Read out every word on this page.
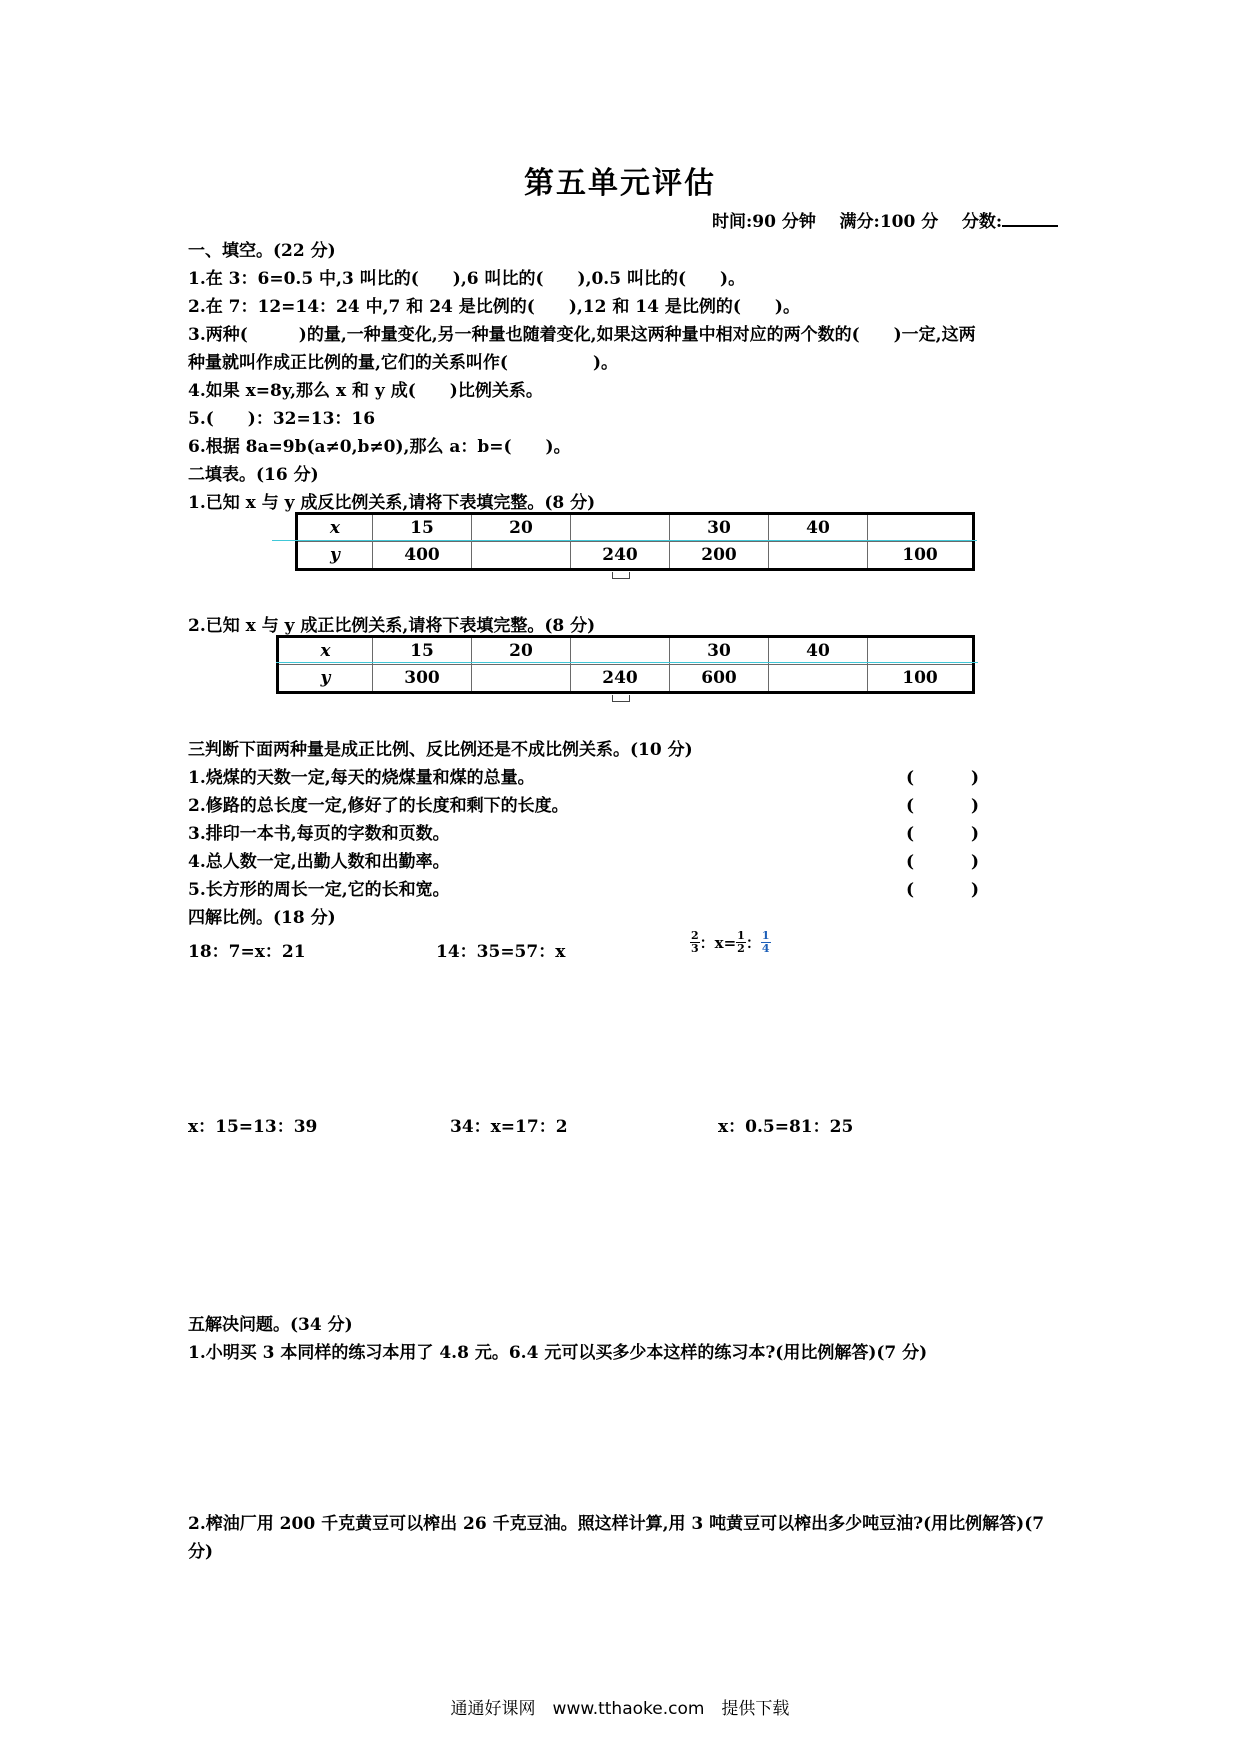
第五单元评估
时间:90 分钟 满分:100 分 分数:
一、填空。(22 分)
1.在 3：6=0.5 中,3 叫比的(　　),6 叫比的(　　),0.5 叫比的(　　)。
2.在 7：12=14：24 中,7 和 24 是比例的(　　),12 和 14 是比例的(　　)。
3.两种(　　　)的量,一种量变化,另一种量也随着变化,如果这两种量中相对应的两个数的(　　)一定,这两
种量就叫作成正比例的量,它们的关系叫作(　　　　　)。
4.如果 x=8y,那么 x 和 y 成(　　)比例关系。
5.(　　)：32=13：16
6.根据 8a=9b(a≠0,b≠0),那么 a：b=(　　)。
二填表。(16 分)
1.已知 x 与 y 成反比例关系,请将下表填完整。(8 分)
x	15	20		30	40	
y	400		240	200		100
2.已知 x 与 y 成正比例关系,请将下表填完整。(8 分)
x	15	20		30	40	
y	300		240	600		100
三判断下面两种量是成正比例、反比例还是不成比例关系。(10 分)
1.烧煤的天数一定,每天的烧煤量和煤的总量。	(　　　 )
2.修路的总长度一定,修好了的长度和剩下的长度。	(　　　 )
3.排印一本书,每页的字数和页数。	(　　　 )
4.总人数一定,出勤人数和出勤率。	(　　　 )
5.长方形的周长一定,它的长和宽。	(　　　 )
四解比例。(18 分)
18：7=x：21	14：35=57：x	$\frac{2}{3}$ ：$x= \frac{1}{2}$ ： $\frac{1}{4}$
x：15=13：39	34：x=17：2	x：0.5=81：25
五解决问题。(34 分)
1.小明买 3 本同样的练习本用了 4.8 元。6.4 元可以买多少本这样的练习本?(用比例解答)(7 分)
2.榨油厂用 200 千克黄豆可以榨出 26 千克豆油。照这样计算,用 3 吨黄豆可以榨出多少吨豆油?(用比例解答)(7 分)
通通好课网　www.tthaoke.com　提供下载
